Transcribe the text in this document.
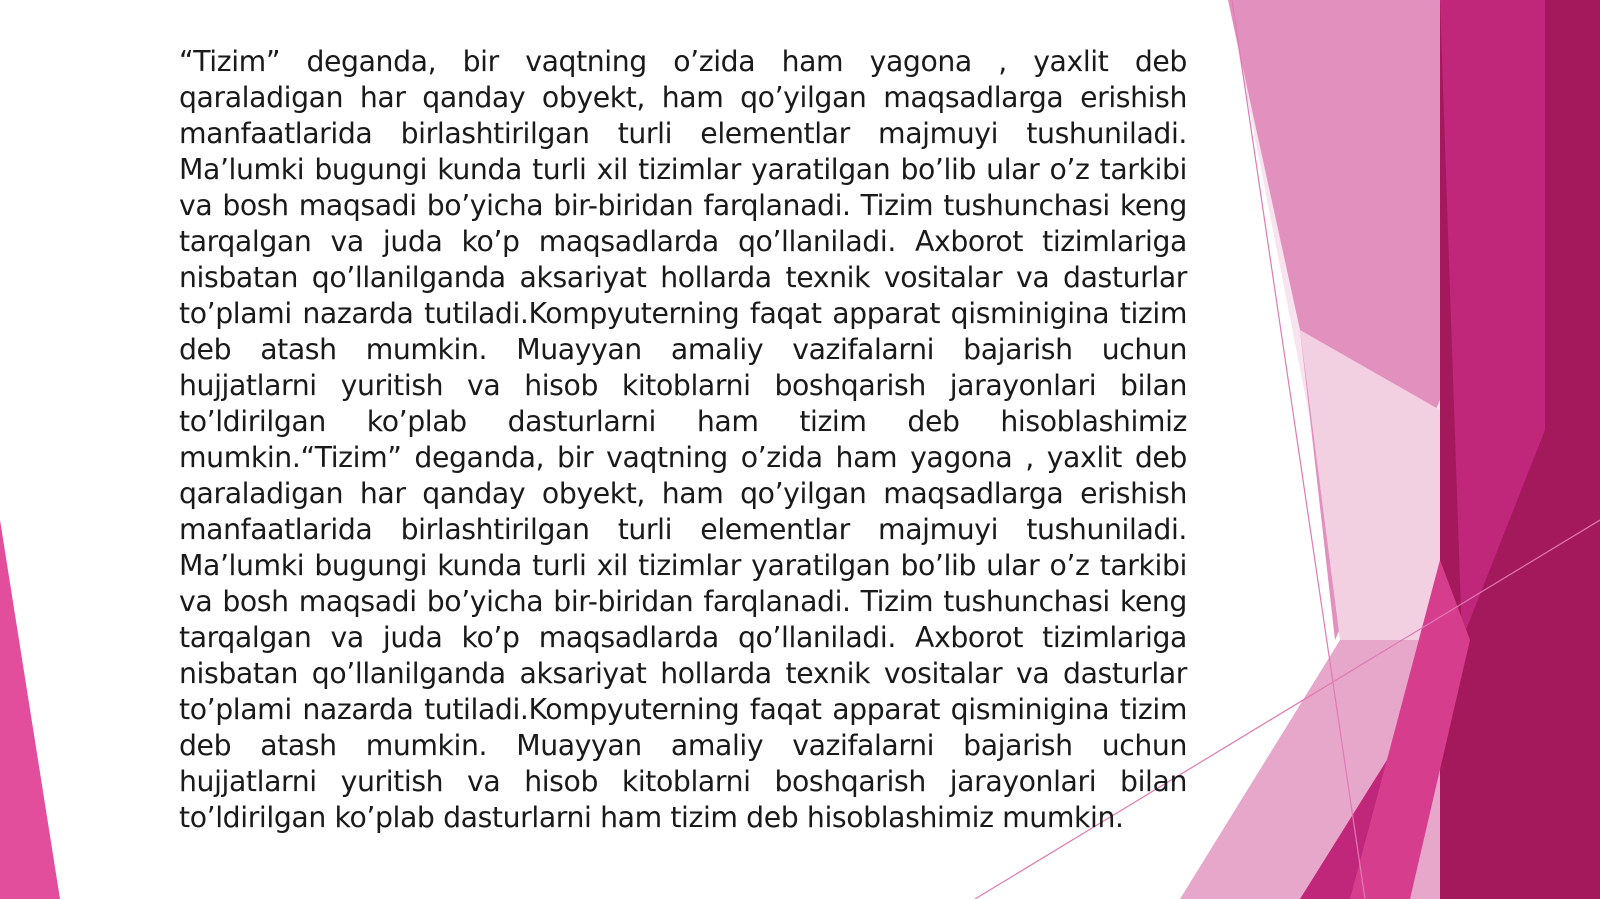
“Tizim” deganda, bir vaqtning o’zida ham yagona , yaxlit deb qaraladigan har qanday obyekt, ham qo’yilgan maqsadlarga erishish manfaatlarida birlashtirilgan turli elementlar majmuyi tushuniladi. Ma’lumki bugungi kunda turli xil tizimlar yaratilgan bo’lib ular o’z tarkibi va bosh maqsadi bo’yicha bir-biridan farqlanadi. Tizim tushunchasi keng tarqalgan va juda ko’p maqsadlarda qo’llaniladi. Axborot tizimlariga nisbatan qo’llanilganda aksariyat hollarda texnik vositalar va dasturlar to’plami nazarda tutiladi.Kompyuterning faqat apparat qisminigina tizim deb atash mumkin. Muayyan amaliy vazifalarni bajarish uchun hujjatlarni yuritish va hisob kitoblarni boshqarish jarayonlari bilan to’ldirilgan ko’plab dasturlarni ham tizim deb hisoblashimiz mumkin.“Tizim” deganda, bir vaqtning o’zida ham yagona , yaxlit deb qaraladigan har qanday obyekt, ham qo’yilgan maqsadlarga erishish manfaatlarida birlashtirilgan turli elementlar majmuyi tushuniladi. Ma’lumki bugungi kunda turli xil tizimlar yaratilgan bo’lib ular o’z tarkibi va bosh maqsadi bo’yicha bir-biridan farqlanadi. Tizim tushunchasi keng tarqalgan va juda ko’p maqsadlarda qo’llaniladi. Axborot tizimlariga nisbatan qo’llanilganda aksariyat hollarda texnik vositalar va dasturlar to’plami nazarda tutiladi.Kompyuterning faqat apparat qisminigina tizim deb atash mumkin. Muayyan amaliy vazifalarni bajarish uchun hujjatlarni yuritish va hisob kitoblarni boshqarish jarayonlari bilan to’ldirilgan ko’plab dasturlarni ham tizim deb hisoblashimiz mumkin.
